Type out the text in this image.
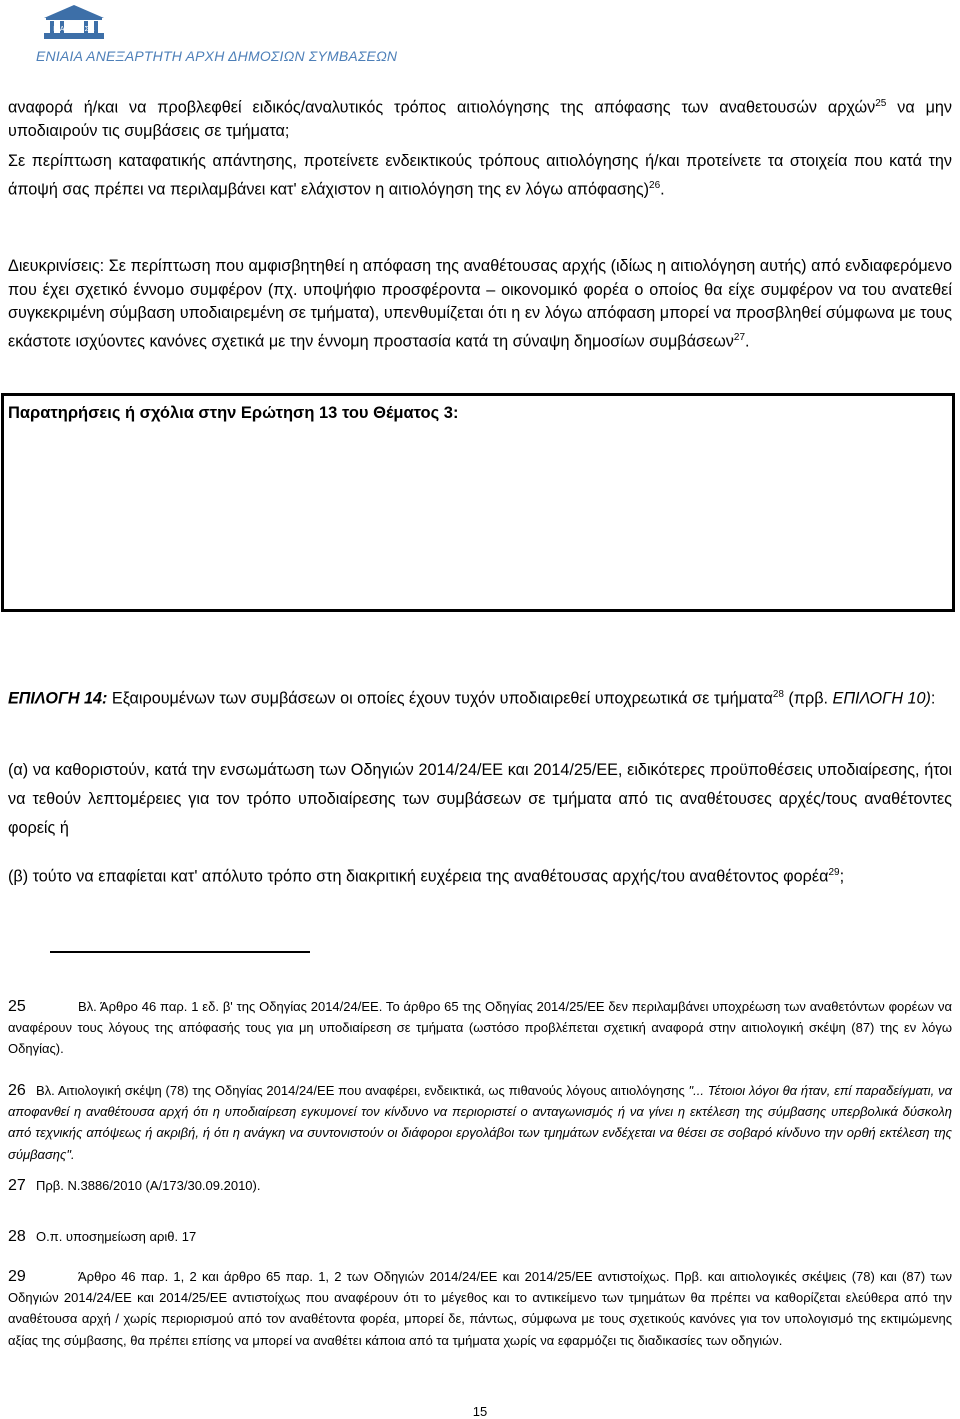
Ε.Α.Α.ΔΗ.ΣΥ.
ΕΝΙΑΙΑ ΑΝΕΞΑΡΤΗΤΗ ΑΡΧΗ ΔΗΜΟΣΙΩΝ ΣΥΜΒΑΣΕΩΝ

αναφορά ή/και να προβλεφθεί ειδικός/αναλυτικός τρόπος αιτιολόγησης της απόφασης των αναθετουσών αρχών$^{25}$ να μην υποδιαιρούν τις συμβάσεις σε τμήματα;

Σε περίπτωση καταφατικής απάντησης, προτείνετε ενδεικτικούς τρόπους αιτιολόγησης ή/και προτείνετε τα στοιχεία που κατά την άποψή σας πρέπει να περιλαμβάνει κατ' ελάχιστον η αιτιολόγηση της εν λόγω απόφασης)$^{26}$.

Διευκρινίσεις: Σε περίπτωση που αμφισβητηθεί η απόφαση της αναθέτουσας αρχής (ιδίως η αιτιολόγηση αυτής) από ενδιαφερόμενο που έχει σχετικό έννομο συμφέρον (πχ. υποψήφιο προσφέροντα – οικονομικό φορέα ο οποίος θα είχε συμφέρον να του ανατεθεί συγκεκριμένη σύμβαση υποδιαιρεμένη σε τμήματα), υπενθυμίζεται ότι η εν λόγω απόφαση μπορεί να προσβληθεί σύμφωνα με τους εκάστοτε ισχύοντες κανόνες σχετικά με την έννομη προστασία κατά τη σύναψη δημοσίων συμβάσεων$^{27}$.

Παρατηρήσεις ή σχόλια στην Ερώτηση 13 του Θέματος 3:

ΕΠΙΛΟΓΗ 14: Εξαιρουμένων των συμβάσεων οι οποίες έχουν τυχόν υποδιαιρεθεί υποχρεωτικά σε τμήματα$^{28}$ (πρβ. ΕΠΙΛΟΓΗ 10):

(α) να καθοριστούν, κατά την ενσωμάτωση των Οδηγιών 2014/24/ΕΕ και 2014/25/ΕΕ, ειδικότερες προϋποθέσεις υποδιαίρεσης, ήτοι να τεθούν λεπτομέρειες για τον τρόπο υποδιαίρεσης των συμβάσεων σε τμήματα από τις αναθέτουσες αρχές/τους αναθέτοντες φορείς ή

(β) τούτο να επαφίεται κατ' απόλυτο τρόπο στη διακριτική ευχέρεια της αναθέτουσας αρχής/του αναθέτοντος φορέα$^{29}$;

25	Βλ. Άρθρο 46 παρ. 1 εδ. β' της Οδηγίας 2014/24/ΕΕ. Το άρθρο 65 της Οδηγίας 2014/25/ΕΕ δεν περιλαμβάνει υποχρέωση των αναθετόντων φορέων να αναφέρουν τους λόγους της απόφασής τους για μη υποδιαίρεση σε τμήματα (ωστόσο προβλέπεται σχετική αναφορά στην αιτιολογική σκέψη (87) της εν λόγω Οδηγίας).
26 Βλ. Αιτιολογική σκέψη (78) της Οδηγίας 2014/24/ΕΕ που αναφέρει, ενδεικτικά, ως πιθανούς λόγους αιτιολόγησης "... Τέτοιοι λόγοι θα ήταν, επί παραδείγματι, να αποφανθεί η αναθέτουσα αρχή ότι η υποδιαίρεση εγκυμονεί τον κίνδυνο να περιοριστεί ο ανταγωνισμός ή να γίνει η εκτέλεση της σύμβασης υπερβολικά δύσκολη από τεχνικής απόψεως ή ακριβή, ή ότι η ανάγκη να συντονιστούν οι διάφοροι εργολάβοι των τμημάτων ενδέχεται να θέσει σε σοβαρό κίνδυνο την ορθή εκτέλεση της σύμβασης".
27 Πρβ. Ν.3886/2010 (Α/173/30.09.2010).
28 Ο.π. υποσημείωση αριθ. 17
29	Άρθρο 46 παρ. 1, 2 και άρθρο 65 παρ. 1, 2 των Οδηγιών 2014/24/ΕΕ και 2014/25/ΕΕ αντιστοίχως. Πρβ. και αιτιολογικές σκέψεις (78) και (87) των Οδηγιών 2014/24/ΕΕ και 2014/25/ΕΕ αντιστοίχως που αναφέρουν ότι το μέγεθος και το αντικείμενο των τμημάτων θα πρέπει να καθορίζεται ελεύθερα από την αναθέτουσα αρχή / χωρίς περιορισμού από τον αναθέτοντα φορέα, μπορεί δε, πάντως, σύμφωνα με τους σχετικούς κανόνες για τον υπολογισμό της εκτιμώμενης αξίας της σύμβασης, θα πρέπει επίσης να μπορεί να αναθέτει κάποια από τα τμήματα χωρίς να εφαρμόζει τις διαδικασίες των οδηγιών.
15
